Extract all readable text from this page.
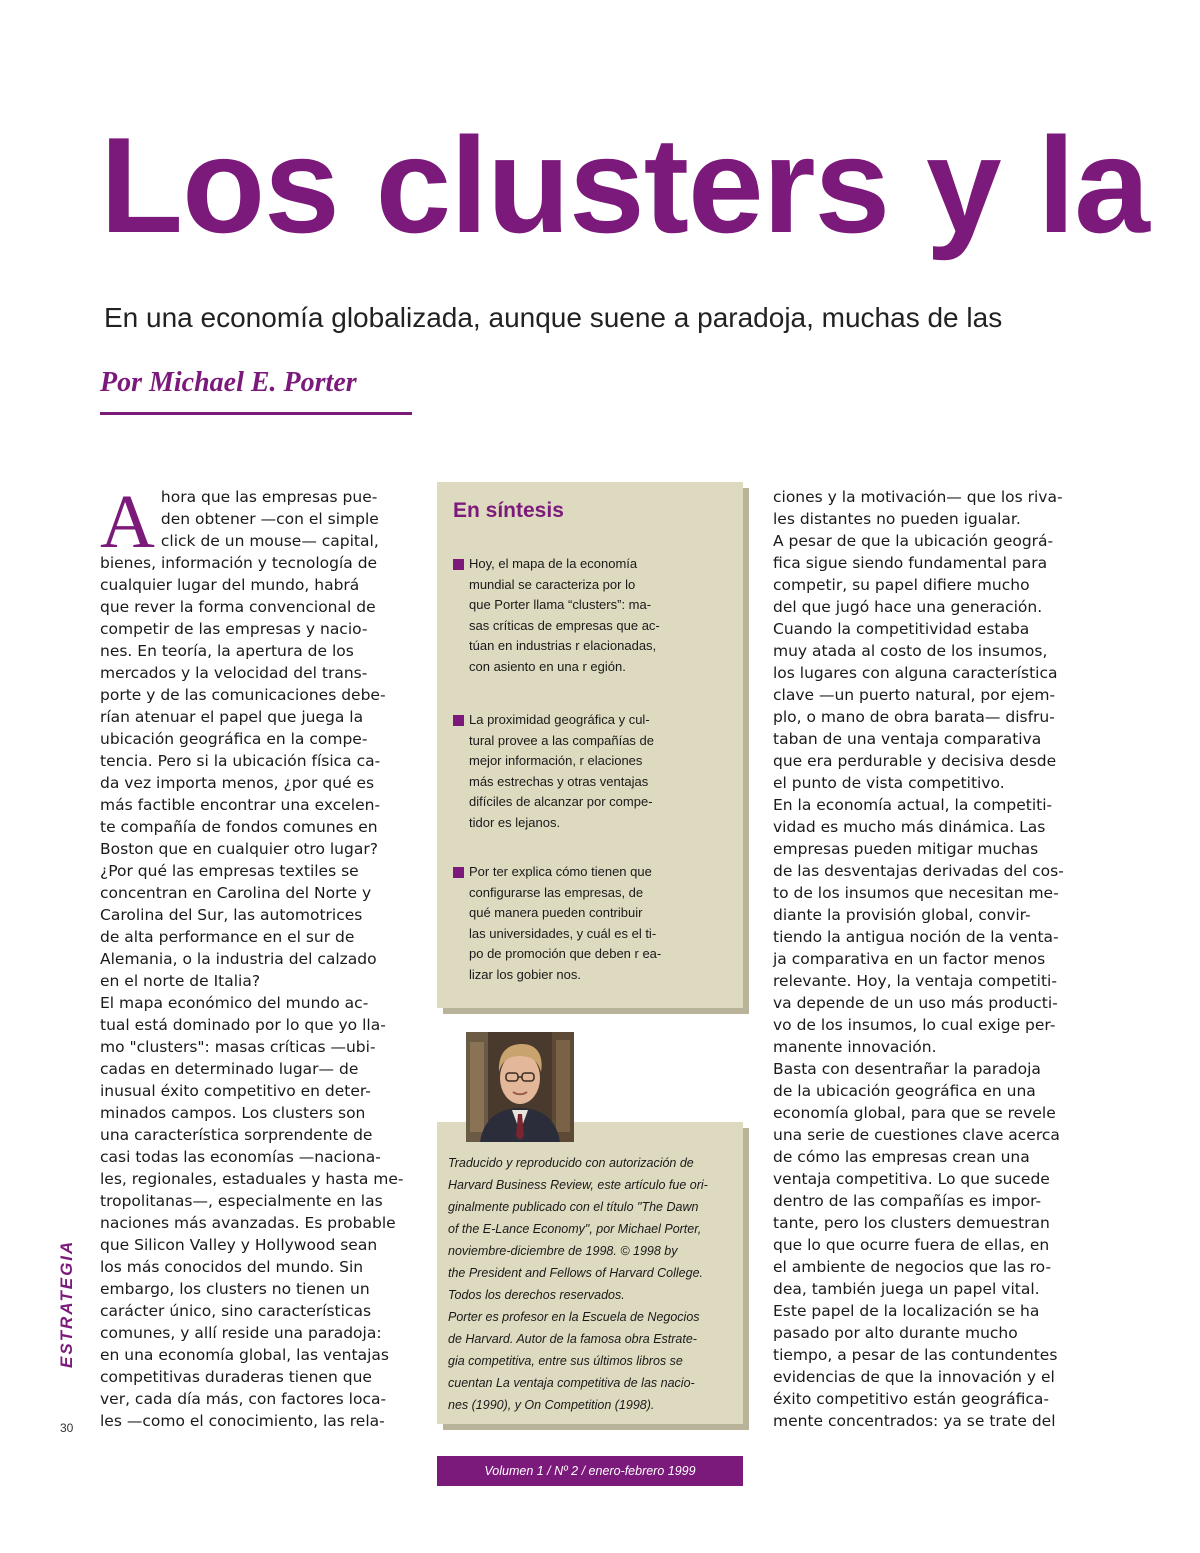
Los clusters y la

En una economía globalizada, aunque suene a paradoja, muchas de las

Por Michael E. Porter

A hora que las empresas pue-
den obtener —con el simple
click de un mouse— capital,
bienes, información y tecnología de
cualquier lugar del mundo, habrá
que rever la forma convencional de
competir de las empresas y nacio-
nes. En teoría, la apertura de los
mercados y la velocidad del trans-
porte y de las comunicaciones debe-
rían atenuar el papel que juega la
ubicación geográfica en la compe-
tencia. Pero si la ubicación física ca-
da vez importa menos, ¿por qué es
más factible encontrar una excelen-
te compañía de fondos comunes en
Boston que en cualquier otro lugar?
¿Por qué las empresas textiles se
concentran en Carolina del Norte y
Carolina del Sur, las automotrices
de alta performance en el sur de
Alemania, o la industria del calzado
en el norte de Italia?
El mapa económico del mundo ac-
tual está dominado por lo que yo lla-
mo "clusters": masas críticas —ubi-
cadas en determinado lugar— de
inusual éxito competitivo en deter-
minados campos. Los clusters son
una característica sorprendente de
casi todas las economías —naciona-
les, regionales, estaduales y hasta me-
tropolitanas—, especialmente en las
naciones más avanzadas. Es probable
que Silicon Valley y Hollywood sean
los más conocidos del mundo. Sin
embargo, los clusters no tienen un
carácter único, sino características
comunes, y allí reside una paradoja:
en una economía global, las ventajas
competitivas duraderas tienen que
ver, cada día más, con factores loca-
les —como el conocimiento, las rela-
En síntesis
Hoy, el mapa de la economía
mundial se caracteriza por lo
que Porter llama “clusters”: ma-
sas críticas de empresas que ac-
túan en industrias r elacionadas,
con asiento en una r egión.
La proximidad geográfica y cul-
tural provee a las compañías de
mejor información, r elaciones
más estrechas y otras ventajas
difíciles de alcanzar por compe-
tidor es lejanos.
Por ter explica cómo tienen que
configurarse las empresas, de
qué manera pueden contribuir
las universidades, y cuál es el ti-
po de promoción que deben r ea-
lizar los gobier nos.
Traducido y reproducido con autorización de
Harvard Business Review, este artículo fue ori-
ginalmente publicado con el título "The Dawn
of the E-Lance Economy", por Michael Porter,
noviembre-diciembre de 1998. © 1998 by
the President and Fellows of Harvard College.
Todos los derechos reservados.
Porter es profesor en la Escuela de Negocios
de Harvard. Autor de la famosa obra Estrate-
gia competitiva, entre sus últimos libros se
cuentan La ventaja competitiva de las nacio-
nes (1990), y On Competition (1998).
ciones y la motivación— que los riva-
les distantes no pueden igualar.
A pesar de que la ubicación geográ-
fica sigue siendo fundamental para
competir, su papel difiere mucho
del que jugó hace una generación.
Cuando la competitividad estaba
muy atada al costo de los insumos,
los lugares con alguna característica
clave —un puerto natural, por ejem-
plo, o mano de obra barata— disfru-
taban de una ventaja comparativa
que era perdurable y decisiva desde
el punto de vista competitivo.
En la economía actual, la competiti-
vidad es mucho más dinámica. Las
empresas pueden mitigar muchas
de las desventajas derivadas del cos-
to de los insumos que necesitan me-
diante la provisión global, convir-
tiendo la antigua noción de la venta-
ja comparativa en un factor menos
relevante. Hoy, la ventaja competiti-
va depende de un uso más producti-
vo de los insumos, lo cual exige per-
manente innovación.
Basta con desentrañar la paradoja
de la ubicación geográfica en una
economía global, para que se revele
una serie de cuestiones clave acerca
de cómo las empresas crean una
ventaja competitiva. Lo que sucede
dentro de las compañías es impor-
tante, pero los clusters demuestran
que lo que ocurre fuera de ellas, en
el ambiente de negocios que las ro-
dea, también juega un papel vital.
Este papel de la localización se ha
pasado por alto durante mucho
tiempo, a pesar de las contundentes
evidencias de que la innovación y el
éxito competitivo están geográfica-
mente concentrados: ya se trate del
Volumen 1 / Nº 2 / enero-febrero 1999
ESTRATEGIA
30
